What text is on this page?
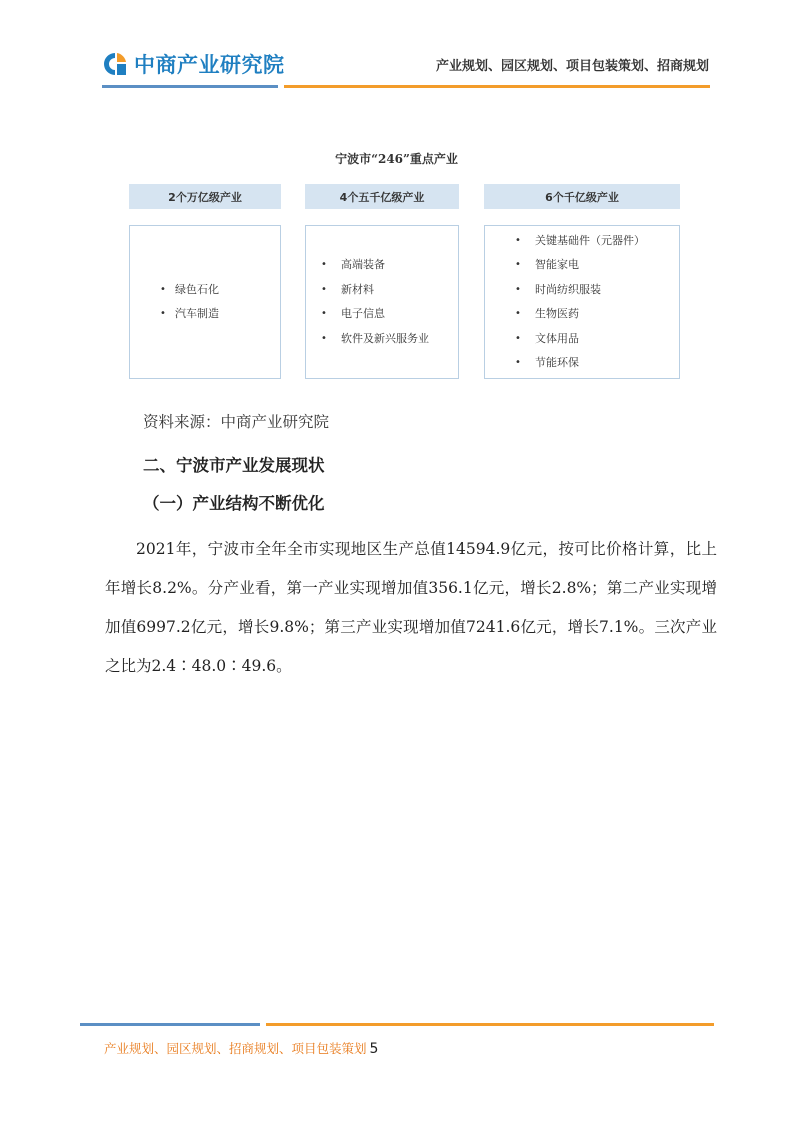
中商产业研究院	产业规划、园区规划、项目包装策划、招商规划
宁波市“246”重点产业
2个万亿级产业	4个五千亿级产业	6个千亿级产业
• 绿色石化
• 汽车制造
• 高端装备
• 新材料
• 电子信息
• 软件及新兴服务业
• 关键基础件（元器件）
• 智能家电
• 时尚纺织服装
• 生物医药
• 文体用品
• 节能环保
资料来源：中商产业研究院
二、宁波市产业发展现状
（一）产业结构不断优化
2021年，宁波市全年全市实现地区生产总值14594.9亿元，按可比价格计算，比上年增长8.2%。分产业看，第一产业实现增加值356.1亿元，增长2.8%；第二产业实现增加值6997.2亿元，增长9.8%；第三产业实现增加值7241.6亿元，增长7.1%。三次产业之比为2.4∶48.0∶49.6。
产业规划、园区规划、招商规划、项目包装策划 5
